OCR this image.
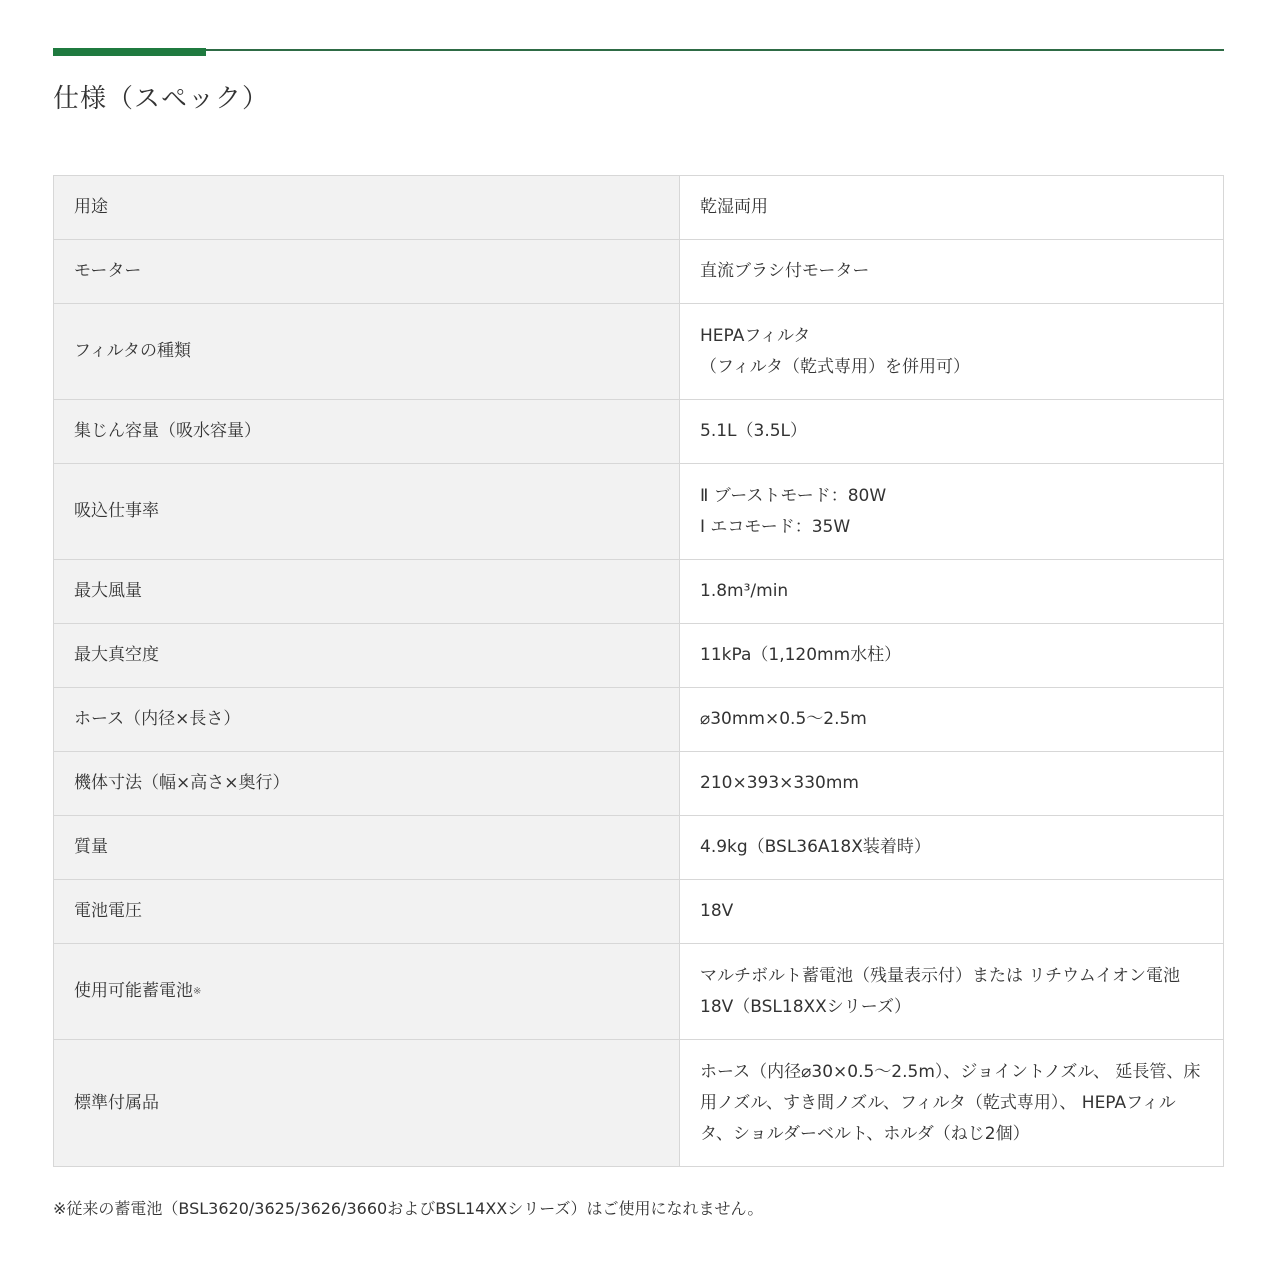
仕様（スペック）
用途	乾湿両用
モーター	直流ブラシ付モーター
フィルタの種類	HEPAフィルタ
（フィルタ（乾式専用）を併用可）
集じん容量（吸水容量）	5.1L（3.5L）
吸込仕事率	Ⅱ ブーストモード：80W
Ⅰ エコモード：35W
最大風量	1.8m³/min
最大真空度	11kPa（1,120mm水柱）
ホース（内径×長さ）	⌀30mm×0.5～2.5m
機体寸法（幅×高さ×奥行）	210×393×330mm
質量	4.9kg（BSL36A18X装着時）
電池電圧	18V
使用可能蓄電池※	マルチボルト蓄電池（残量表示付）または リチウムイオン電池
18V（BSL18XXシリーズ）
標準付属品	ホース（内径⌀30×0.5～2.5m）、ジョイントノズル、 延長管、床
用ノズル、すき間ノズル、フィルタ（乾式専用）、 HEPAフィル
タ、ショルダーベルト、ホルダ（ねじ2個）
※従来の蓄電池（BSL3620/3625/3626/3660およびBSL14XXシリーズ）はご使用になれません。
